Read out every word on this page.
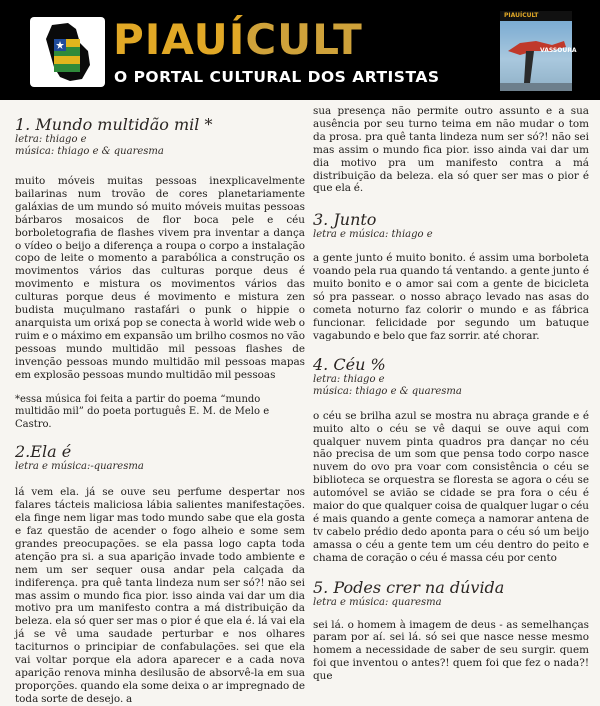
PIAUÍCULT
O PORTAL CULTURAL DOS ARTISTAS
PIAUÍCULT
VASSOURA
1. Mundo multidão mil *

letra: thiago e

música: thiago e & quaresma

muito móveis muitas pessoas inexplicavelmente bailarinas num trovão de cores planetariamente galáxias de um mundo só muito móveis muitas pessoas bárbaros mosaicos de flor boca pele e céu borboletografia de flashes vivem pra inventar a dança o vídeo o beijo a diferença a roupa o corpo a instalação copo de leite o momento a parabólica a construção os movimentos vários das culturas porque deus é movimento e mistura os movimentos vários das culturas porque deus é movimento e mistura zen budista muçulmano rastafári o punk o hippie o anarquista um orixá pop se conecta à world wide web o ruim e o máximo em expansão um brilho cosmos no vão pessoas mundo multidão mil pessoas flashes de invenção pessoas mundo multidão mil pessoas mapas em explosão pessoas mundo multidão mil pessoas

*essa música foi feita a partir do poema “mundo multidão mil” do poeta português E. M. de Melo e Castro.

2.Ela é

letra e música:-quaresma

lá vem ela. já se ouve seu perfume despertar nos falares tácteis maliciosa lábia salientes manifestações. ela finge nem ligar mas todo mundo sabe que ela gosta e faz questão de acender o fogo alheio e some sem grandes preocupações. se ela passa logo capta toda atenção pra si. a sua aparição invade todo ambiente e nem um ser sequer ousa andar pela calçada da indiferença. pra quê tanta lindeza num ser só?! não sei mas assim o mundo fica pior. isso ainda vai dar um dia motivo pra um manifesto contra a má distribuição da beleza. ela só quer ser mas o pior é que ela é. lá vai ela já se vê uma saudade perturbar e nos olhares taciturnos o principiar de confabulações. sei que ela vai voltar porque ela adora aparecer e a cada nova aparição renova minha desilusão de absorvê-la em sua proporções. quando ela some deixa o ar impregnado de toda sorte de desejo. a

sua presença não permite outro assunto e a sua ausência por seu turno teima em não mudar o tom da prosa. pra quê tanta lindeza num ser só?! não sei mas assim o mundo fica pior. isso ainda vai dar um dia motivo pra um manifesto contra a má distribuição da beleza. ela só quer ser mas o pior é que ela é.

3. Junto

letra e música: thiago e

a gente junto é muito bonito. é assim uma borboleta voando pela rua quando tá ventando. a gente junto é muito bonito e o amor sai com a gente de bicicleta só pra passear. o nosso abraço levado nas asas do cometa noturno faz colorir o mundo e as fábrica funcionar. felicidade por segundo um batuque vagabundo e belo que faz sorrir. até chorar.

4. Céu %

letra: thiago e

música: thiago e & quaresma

o céu se brilha azul se mostra nu abraça grande e é muito alto o céu se vê daqui se ouve aqui com qualquer nuvem pinta quadros pra dançar no céu não precisa de um som que pensa todo corpo nasce nuvem do ovo pra voar com consistência o céu se biblioteca se orquestra se floresta se agora o céu se automóvel se avião se cidade se pra fora o céu é maior do que qualquer coisa de qualquer lugar o céu é mais quando a gente começa a namorar antena de tv cabelo prédio dedo aponta para o céu só um beijo amassa o céu a gente tem um céu dentro do peito e chama de coração o céu é massa céu por cento

5. Podes crer na dúvida

letra e música: quaresma

sei lá. o homem à imagem de deus - as semelhanças param por aí. sei lá. só sei que nasce nesse mesmo homem a necessidade de saber de seu surgir. quem foi que inventou o antes?! quem foi que fez o nada?! que
